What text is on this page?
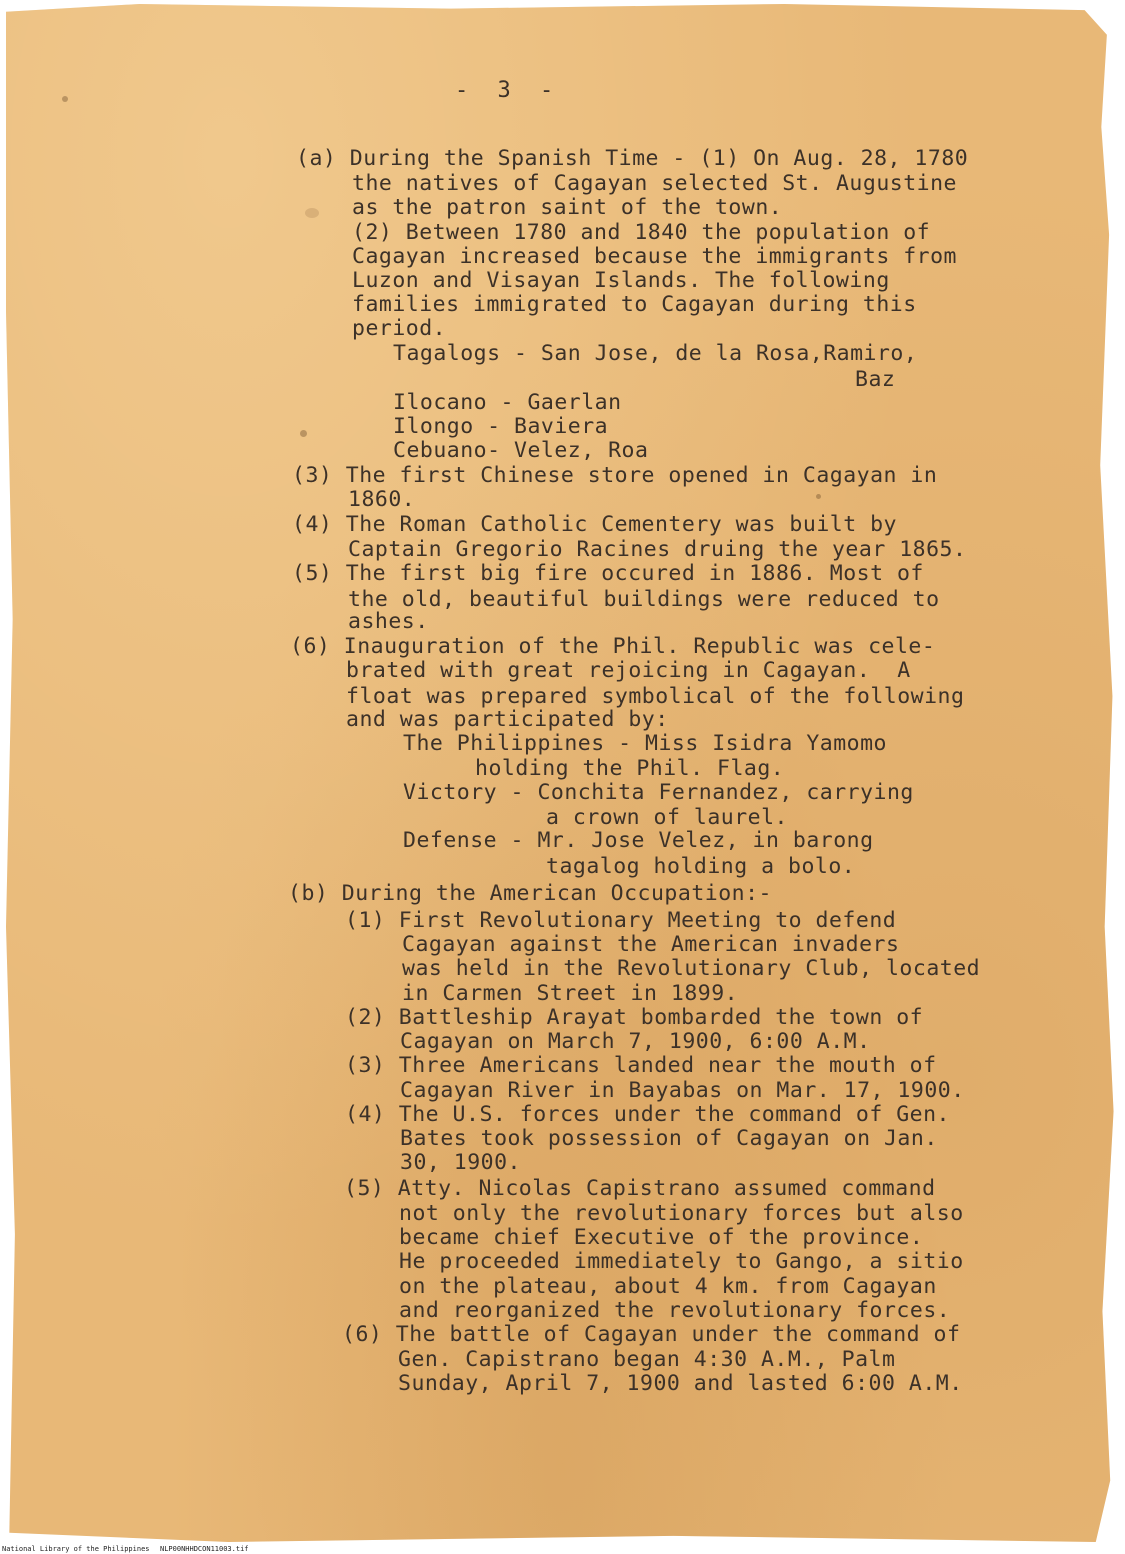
- 3 -

(a) During the Spanish Time - (1) On Aug. 28, 1780

the natives of Cagayan selected St. Augustine

as the patron saint of the town.

(2) Between 1780 and 1840 the population of

Cagayan increased because the immigrants from

Luzon and Visayan Islands. The following

families immigrated to Cagayan during this

period.

Tagalogs - San Jose, de la Rosa,Ramiro,

Baz

Ilocano - Gaerlan

Ilongo - Baviera

Cebuano- Velez, Roa

(3) The first Chinese store opened in Cagayan in

1860.

(4) The Roman Catholic Cementery was built by

Captain Gregorio Racines druing the year 1865.

(5) The first big fire occured in 1886. Most of

the old, beautiful buildings were reduced to

ashes.

(6) Inauguration of the Phil. Republic was cele-

brated with great rejoicing in Cagayan.  A

float was prepared symbolical of the following

and was participated by:

The Philippines - Miss Isidra Yamomo

holding the Phil. Flag.

Victory - Conchita Fernandez, carrying

a crown of laurel.

Defense - Mr. Jose Velez, in barong

tagalog holding a bolo.

(b) During the American Occupation:-

(1) First Revolutionary Meeting to defend

Cagayan against the American invaders

was held in the Revolutionary Club, located

in Carmen Street in 1899.

(2) Battleship Arayat bombarded the town of

Cagayan on March 7, 1900, 6:00 A.M.

(3) Three Americans landed near the mouth of

Cagayan River in Bayabas on Mar. 17, 1900.

(4) The U.S. forces under the command of Gen.

Bates took possession of Cagayan on Jan.

30, 1900.

(5) Atty. Nicolas Capistrano assumed command

not only the revolutionary forces but also

became chief Executive of the province.

He proceeded immediately to Gango, a sitio

on the plateau, about 4 km. from Cagayan

and reorganized the revolutionary forces.

(6) The battle of Cagayan under the command of

Gen. Capistrano began 4:30 A.M., Palm

Sunday, April 7, 1900 and lasted 6:00 A.M.

National Library of the Philippines NLP00NHHDCON11003.tif
